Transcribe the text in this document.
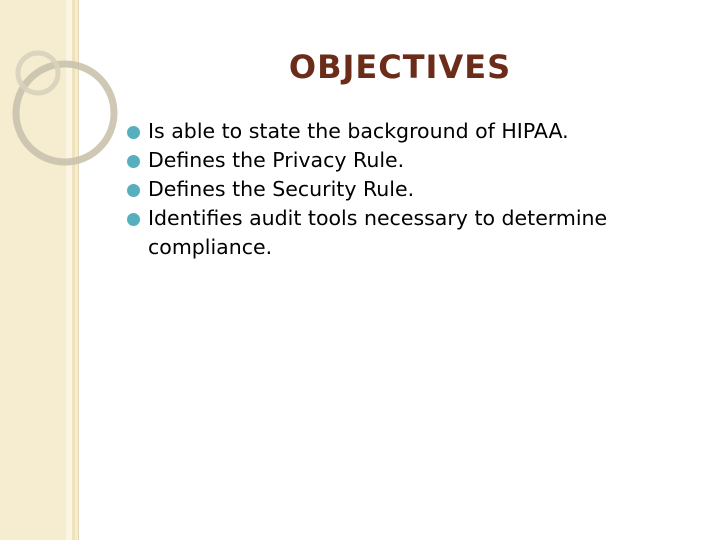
OBJECTIVES
Is able to state the background of HIPAA.
Defines the Privacy Rule.
Defines the Security Rule.
Identifies audit tools necessary to determine compliance.
